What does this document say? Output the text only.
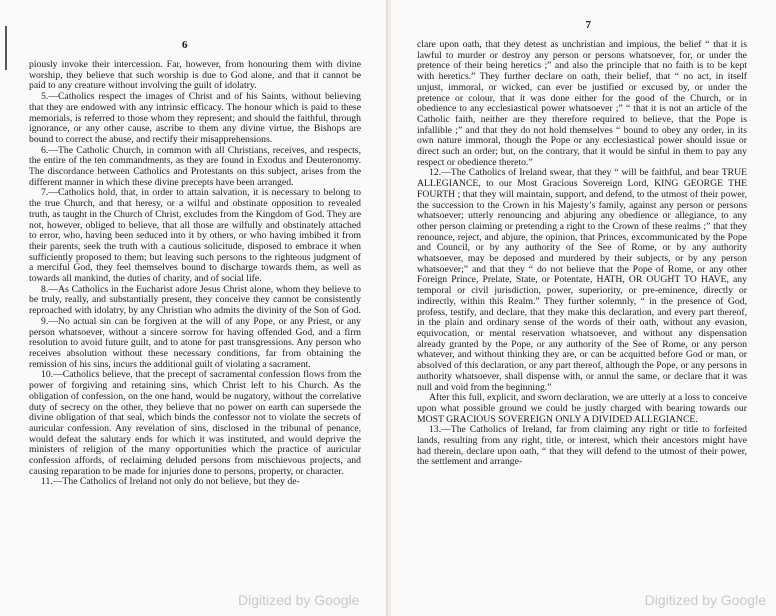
6

piously invoke their intercession. Far, however, from honouring them with divine worship, they believe that such worship is due to God alone, and that it cannot be paid to any creature without involving the guilt of idolatry.

5.—Catholics respect the images of Christ and of his Saints, without believing that they are endowed with any intrinsic efficacy. The honour which is paid to these memorials, is referred to those whom they represent; and should the faithful, through ignorance, or any other cause, ascribe to them any divine virtue, the Bishops are bound to correct the abuse, and rectify their misapprehensions.

6.—The Catholic Church, in common with all Christians, receives, and respects, the entire of the ten commandments, as they are found in Exodus and Deuteronomy. The discordance between Catholics and Protestants on this subject, arises from the different manner in which these divine precepts have been arranged.

7.—Catholics hold, that, in order to attain salvation, it is necessary to belong to the true Church, and that heresy, or a wilful and obstinate opposition to revealed truth, as taught in the Church of Christ, excludes from the Kingdom of God. They are not, however, obliged to believe, that all those are wilfully and obstinately attached to error, who, having been seduced into it by others, or who having imbibed it from their parents, seek the truth with a cautious solicitude, disposed to embrace it when sufficiently proposed to them; but leaving such persons to the righteous judgment of a merciful God, they feel themselves bound to discharge towards them, as well as towards all mankind, the duties of charity, and of social life.

8.—As Catholics in the Eucharist adore Jesus Christ alone, whom they believe to be truly, really, and substantially present, they conceive they cannot be consistently reproached with idolatry, by any Christian who admits the divinity of the Son of God.

9.—No actual sin can be forgiven at the will of any Pope, or any Priest, or any person whatsoever, without a sincere sorrow for having offended God, and a firm resolution to avoid future guilt, and to atone for past transgressions. Any person who receives absolution without these necessary conditions, far from obtaining the remission of his sins, incurs the additional guilt of violating a sacrament.

10.—Catholics believe, that the precept of sacramental confession flows from the power of forgiving and retaining sins, which Christ left to his Church. As the obligation of confession, on the one hand, would be nugatory, without the correlative duty of secrecy on the other, they believe that no power on earth can supersede the divine obligation of that seal, which binds the confessor not to violate the secrets of auricular confession. Any revelation of sins, disclosed in the tribunal of penance, would defeat the salutary ends for which it was instituted, and would deprive the ministers of religion of the many opportunities which the practice of auricular confession affords, of reclaiming deluded persons from mischievous projects, and causing reparation to be made for injuries done to persons, property, or character.

11.—The Catholics of Ireland not only do not believe, but they de-

Digitized by Google
7

clare upon oath, that they detest as unchristian and impious, the belief “ that it is lawful to murder or destroy any person or persons whatsoever, for, or under the pretence of their being heretics ;” and also the principle that no faith is to be kept with heretics.” They further declare on oath, their belief, that “ no act, in itself unjust, immoral, or wicked, can ever be justified or excused by, or under the pretence or colour, that it was done either for the good of the Church, or in obedience to any ecclesiastical power whatsoever ;” “ that it is not an article of the Catholic faith, neither are they therefore required to believe, that the Pope is infallible ;” and that they do not hold themselves “ bound to obey any order, in its own nature immoral, though the Pope or any ecclesiastical power should issue or direct such an order; but, on the contrary, that it would be sinful in them to pay any respect or obedience thereto.”

12.—The Catholics of Ireland swear, that they “ will be faithful, and bear TRUE ALLEGIANCE, to our Most Gracious Sovereign Lord, KING GEORGE THE FOURTH ; that they will maintain, support, and defend, to the utmost of their power, the succession to the Crown in his Majesty’s family, against any person or persons whatsoever; utterly renouncing and abjuring any obedience or allegiance, to any other person claiming or pretending a right to the Crown of these realms ;” that they renounce, reject, and abjure, the opinion, that Princes, excommunicated by the Pope and Council, or by any authority of the See of Rome, or by any authority whatsoever, may be deposed and murdered by their subjects, or by any person whatsoever;” and that they “ do not believe that the Pope of Rome, or any other Foreign Prince, Prelate, State, or Potentate, HATH, OR OUGHT TO HAVE, any temporal or civil jurisdiction, power, superiority, or pre-eminence, directly or indirectly, within this Realm.” They further solemnly, “ in the presence of God, profess, testify, and declare, that they make this declaration, and every part thereof, in the plain and ordinary sense of the words of their oath, without any evasion, equivocation, or mental reservation whatsoever, and without any dispensation already granted by the Pope, or any authority of the See of Rome, or any person whatever, and without thinking they are, or can be acquitted before God or man, or absolved of this declaration, or any part thereof, although the Pope, or any persons in authority whatsoever, shall dispense with, or annul the same, or declare that it was null and void from the beginning.”

After this full, explicit, and sworn declaration, we are utterly at a loss to conceive upon what possible ground we could be justly charged with bearing towards our MOST GRACIOUS SOVEREIGN ONLY A DIVIDED ALLEGIANCE.

13.—The Catholics of Ireland, far from claiming any right or title to forfeited lands, resulting from any right, title, or interest, which their ancestors might have had therein, declare upon oath, “ that they will defend to the utmost of their power, the settlement and arrange-

Digitized by Google
